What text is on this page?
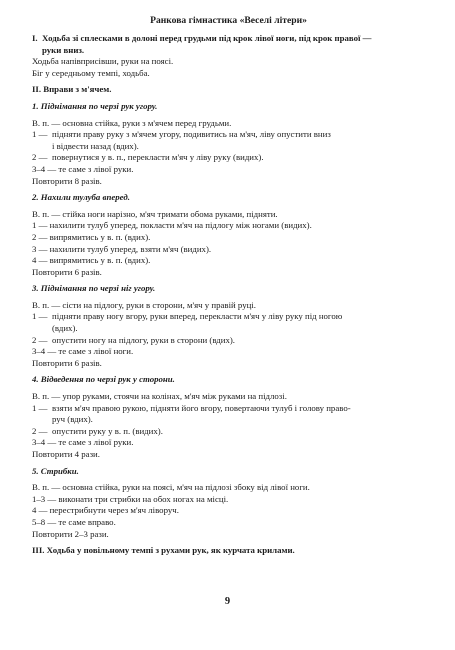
Ранкова гімнастика «Веселі літери»
I. Ходьба зі сплесками в долоні перед грудьми під крок лівої ноги, під крок правої —
руки вниз.

Ходьба напівприсівши, руки на поясі.

Біг у середньому темпі, ходьба.

II. Вправи з м'ячем.

1. Піднімання по черзі рук угору.

В. п. — основна стійка, руки з м'ячем перед грудьми.

1 — підняти праву руку з м'ячем угору, подивитись на м'яч, ліву опустити вниз
і відвести назад (вдих).
2 — повернутися у в. п., перекласти м'яч у ліву руку (видих).

3–4 — те саме з лівої руки.

Повторити 8 разів.

2. Нахили тулуба вперед.

В. п. — стійка ноги нарізно, м'яч тримати обома руками, підняти.

1 — нахилити тулуб уперед, покласти м'яч на підлогу між ногами (видих).

2 — випрямитись у в. п. (вдих).

3 — нахилити тулуб уперед, взяти м'яч (видих).

4 — випрямитись у в. п. (вдих).

Повторити 6 разів.

3. Піднімання по черзі ніг угору.

В. п. — сісти на підлогу, руки в сторони, м'яч у правій руці.

1 — підняти праву ногу вгору, руки вперед, перекласти м'яч у ліву руку під ногою
(вдих).
2 — опустити ногу на підлогу, руки в сторони (вдих).

3–4 — те саме з лівої ноги.

Повторити 6 разів.

4. Відведення по черзі рук у сторони.

В. п. — упор руками, стоячи на колінах, м'яч між руками на підлозі.

1 — взяти м'яч правою рукою, підняти його вгору, повертаючи тулуб і голову право-
руч (вдих).
2 — опустити руку у в. п. (видих).

3–4 — те саме з лівої руки.

Повторити 4 рази.

5. Стрибки.

В. п. — основна стійка, руки на поясі, м'яч на підлозі збоку від лівої ноги.

1–3 — виконати три стрибки на обох ногах на місці.

4 — перестрибнути через м'яч ліворуч.

5–8 — те саме вправо.

Повторити 2–3 рази.

III. Ходьба у повільному темпі з рухами рук, як курчата крилами.

9
